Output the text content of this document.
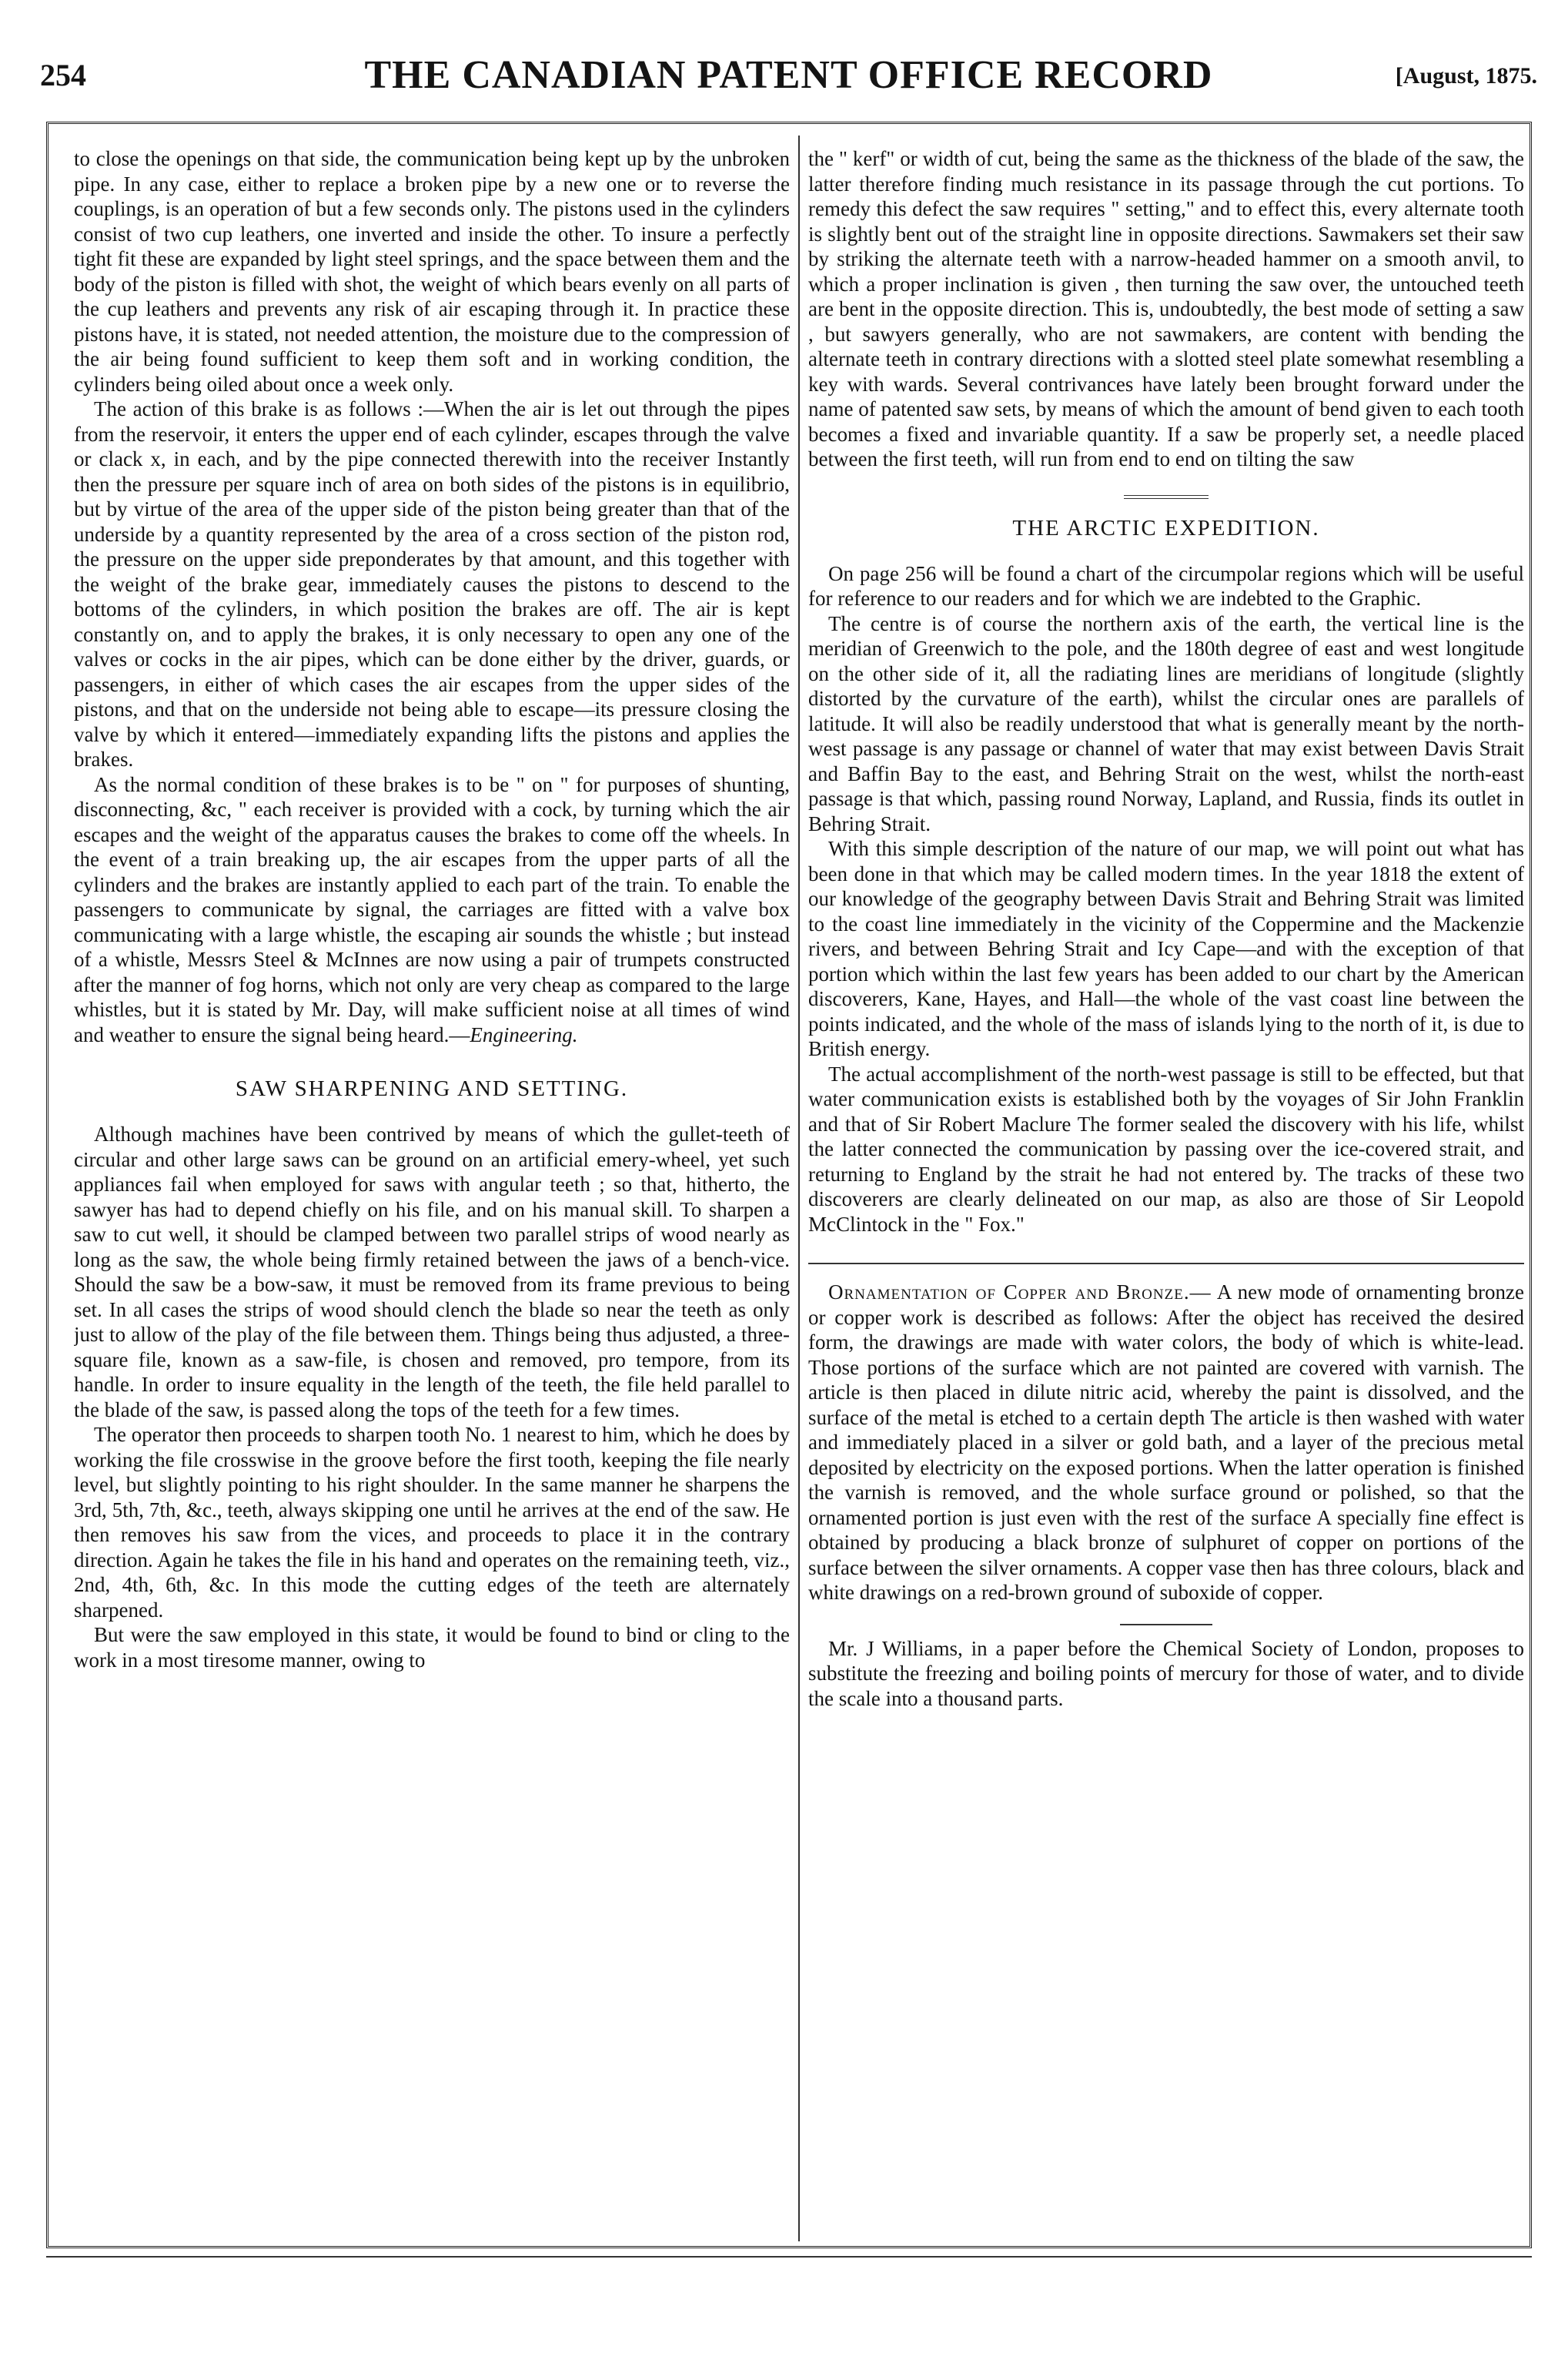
254	THE CANADIAN PATENT OFFICE RECORD	[August, 1875.

to close the openings on that side, the communication being kept up by the unbroken pipe. In any case, either to replace a broken pipe by a new one or to reverse the couplings, is an operation of but a few seconds only. The pistons used in the cylinders consist of two cup leathers, one inverted and inside the other. To insure a perfectly tight fit these are expanded by light steel springs, and the space between them and the body of the piston is filled with shot, the weight of which bears evenly on all parts of the cup leathers and prevents any risk of air escaping through it. In practice these pistons have, it is stated, not needed attention, the moisture due to the compression of the air being found sufficient to keep them soft and in working condition, the cylinders being oiled about once a week only.

The action of this brake is as follows :—When the air is let out through the pipes from the reservoir, it enters the upper end of each cylinder, escapes through the valve or clack x, in each, and by the pipe connected therewith into the receiver Instantly then the pressure per square inch of area on both sides of the pistons is in equilibrio, but by virtue of the area of the upper side of the piston being greater than that of the underside by a quantity represented by the area of a cross section of the piston rod, the pressure on the upper side preponderates by that amount, and this together with the weight of the brake gear, immediately causes the pistons to descend to the bottoms of the cylinders, in which position the brakes are off. The air is kept constantly on, and to apply the brakes, it is only necessary to open any one of the valves or cocks in the air pipes, which can be done either by the driver, guards, or passengers, in either of which cases the air escapes from the upper sides of the pistons, and that on the underside not being able to escape—its pressure closing the valve by which it entered—immediately expanding lifts the pistons and applies the brakes.

As the normal condition of these brakes is to be " on " for purposes of shunting, disconnecting, &c, " each receiver is provided with a cock, by turning which the air escapes and the weight of the apparatus causes the brakes to come off the wheels. In the event of a train breaking up, the air escapes from the upper parts of all the cylinders and the brakes are instantly applied to each part of the train. To enable the passengers to communicate by signal, the carriages are fitted with a valve box communicating with a large whistle, the escaping air sounds the whistle ; but instead of a whistle, Messrs Steel & McInnes are now using a pair of trumpets constructed after the manner of fog horns, which not only are very cheap as compared to the large whistles, but it is stated by Mr. Day, will make sufficient noise at all times of wind and weather to ensure the signal being heard.—Engineering.

SAW SHARPENING AND SETTING.

Although machines have been contrived by means of which the gullet-teeth of circular and other large saws can be ground on an artificial emery-wheel, yet such appliances fail when employed for saws with angular teeth ; so that, hitherto, the sawyer has had to depend chiefly on his file, and on his manual skill. To sharpen a saw to cut well, it should be clamped between two parallel strips of wood nearly as long as the saw, the whole being firmly retained between the jaws of a bench-vice. Should the saw be a bow-saw, it must be removed from its frame previous to being set. In all cases the strips of wood should clench the blade so near the teeth as only just to allow of the play of the file between them. Things being thus adjusted, a three-square file, known as a saw-file, is chosen and removed, pro tempore, from its handle. In order to insure equality in the length of the teeth, the file held parallel to the blade of the saw, is passed along the tops of the teeth for a few times.

The operator then proceeds to sharpen tooth No. 1 nearest to him, which he does by working the file crosswise in the groove before the first tooth, keeping the file nearly level, but slightly pointing to his right shoulder. In the same manner he sharpens the 3rd, 5th, 7th, &c., teeth, always skipping one until he arrives at the end of the saw. He then removes his saw from the vices, and proceeds to place it in the contrary direction. Again he takes the file in his hand and operates on the remaining teeth, viz., 2nd, 4th, 6th, &c. In this mode the cutting edges of the teeth are alternately sharpened.

But were the saw employed in this state, it would be found to bind or cling to the work in a most tiresome manner, owing to

the " kerf" or width of cut, being the same as the thickness of the blade of the saw, the latter therefore finding much resistance in its passage through the cut portions. To remedy this defect the saw requires " setting," and to effect this, every alternate tooth is slightly bent out of the straight line in opposite directions. Sawmakers set their saw by striking the alternate teeth with a narrow-headed hammer on a smooth anvil, to which a proper inclination is given , then turning the saw over, the untouched teeth are bent in the opposite direction. This is, undoubtedly, the best mode of setting a saw , but sawyers generally, who are not sawmakers, are content with bending the alternate teeth in contrary directions with a slotted steel plate somewhat resembling a key with wards. Several contrivances have lately been brought forward under the name of patented saw sets, by means of which the amount of bend given to each tooth becomes a fixed and invariable quantity. If a saw be properly set, a needle placed between the first teeth, will run from end to end on tilting the saw

THE ARCTIC EXPEDITION.

On page 256 will be found a chart of the circumpolar regions which will be useful for reference to our readers and for which we are indebted to the Graphic.

The centre is of course the northern axis of the earth, the vertical line is the meridian of Greenwich to the pole, and the 180th degree of east and west longitude on the other side of it, all the radiating lines are meridians of longitude (slightly distorted by the curvature of the earth), whilst the circular ones are parallels of latitude. It will also be readily understood that what is generally meant by the north-west passage is any passage or channel of water that may exist between Davis Strait and Baffin Bay to the east, and Behring Strait on the west, whilst the north-east passage is that which, passing round Norway, Lapland, and Russia, finds its outlet in Behring Strait.

With this simple description of the nature of our map, we will point out what has been done in that which may be called modern times. In the year 1818 the extent of our knowledge of the geography between Davis Strait and Behring Strait was limited to the coast line immediately in the vicinity of the Coppermine and the Mackenzie rivers, and between Behring Strait and Icy Cape—and with the exception of that portion which within the last few years has been added to our chart by the American discoverers, Kane, Hayes, and Hall—the whole of the vast coast line between the points indicated, and the whole of the mass of islands lying to the north of it, is due to British energy.

The actual accomplishment of the north-west passage is still to be effected, but that water communication exists is established both by the voyages of Sir John Franklin and that of Sir Robert Maclure The former sealed the discovery with his life, whilst the latter connected the communication by passing over the ice-covered strait, and returning to England by the strait he had not entered by. The tracks of these two discoverers are clearly delineated on our map, as also are those of Sir Leopold McClintock in the " Fox."

Ornamentation of Copper and Bronze.— A new mode of ornamenting bronze or copper work is described as follows: After the object has received the desired form, the drawings are made with water colors, the body of which is white-lead. Those portions of the surface which are not painted are covered with varnish. The article is then placed in dilute nitric acid, whereby the paint is dissolved, and the surface of the metal is etched to a certain depth The article is then washed with water and immediately placed in a silver or gold bath, and a layer of the precious metal deposited by electricity on the exposed portions. When the latter operation is finished the varnish is removed, and the whole surface ground or polished, so that the ornamented portion is just even with the rest of the surface A specially fine effect is obtained by producing a black bronze of sulphuret of copper on portions of the surface between the silver ornaments. A copper vase then has three colours, black and white drawings on a red-brown ground of suboxide of copper.

Mr. J Williams, in a paper before the Chemical Society of London, proposes to substitute the freezing and boiling points of mercury for those of water, and to divide the scale into a thousand parts.
